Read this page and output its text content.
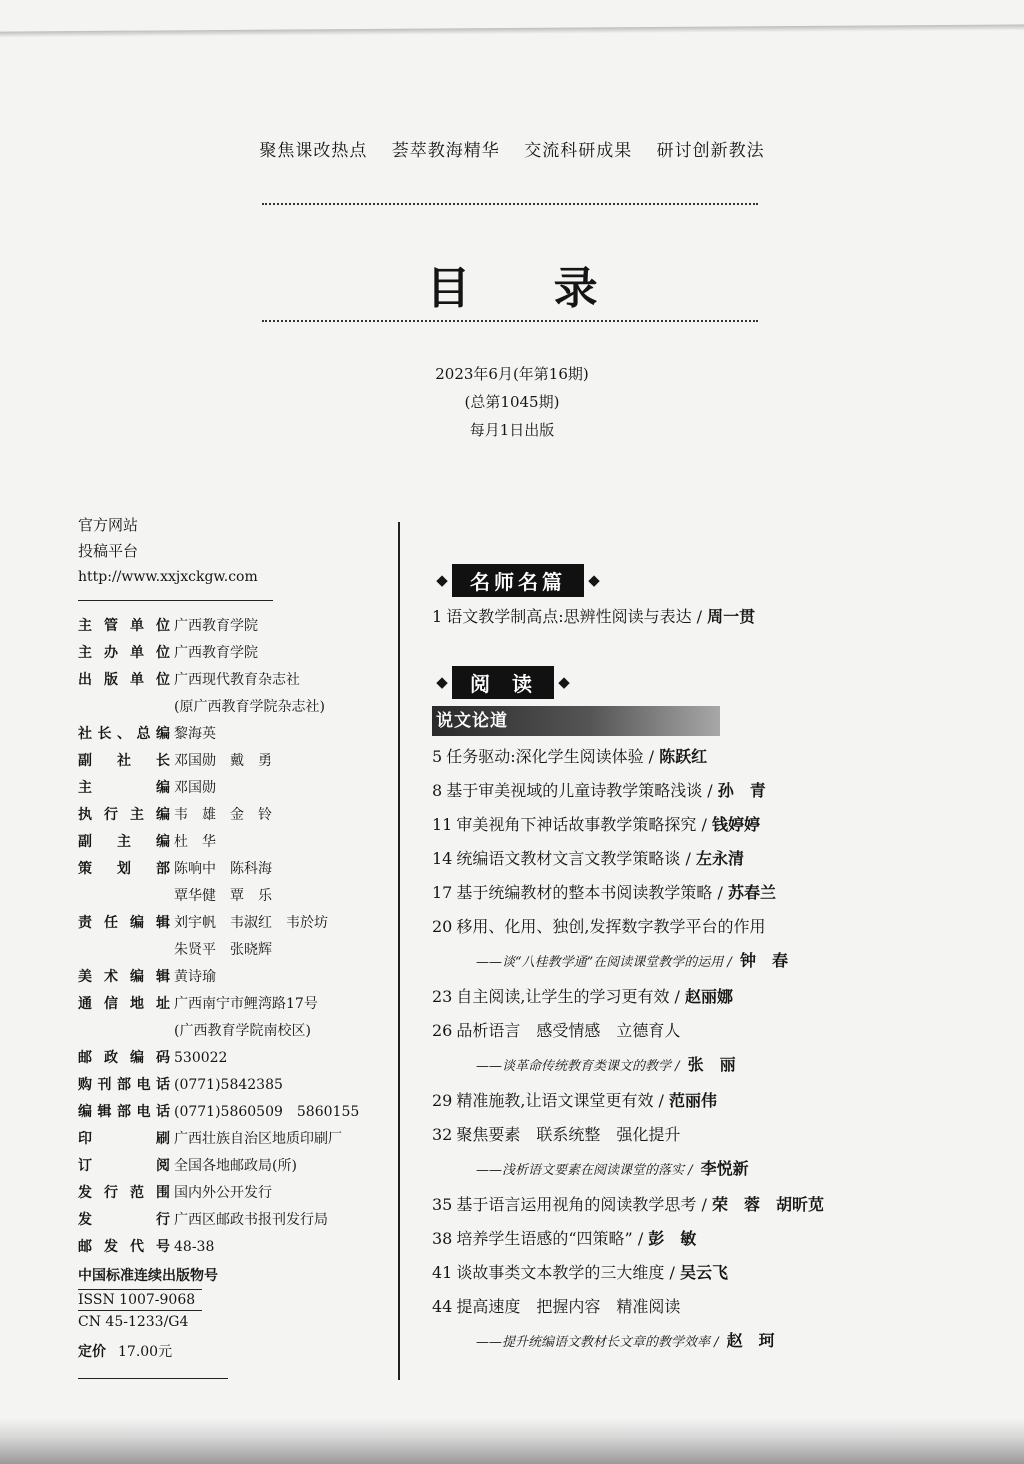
聚焦课改热点 荟萃教海精华 交流科研成果 研讨创新教法
目 录
2023年6月(年第16期)
(总第1045期)
每月1日出版
官方网站
投稿平台
http://www.xxjxckgw.com
主管单位 广西教育学院
主办单位 广西教育学院
出版单位 广西现代教育杂志社
(原广西教育学院杂志社)
社长、总编 黎海英
副社长 邓国勋　戴　勇
主　编 邓国勋
执行主编 韦　雄　金　铃
副主编 杜　华
策划部 陈响中　陈科海
覃华健　覃　乐
责任编辑 刘宇帆　韦淑红　韦於坊
朱贤平　张晓辉
美术编辑 黄诗瑜
通信地址 广西南宁市鲤湾路17号
(广西教育学院南校区)
邮政编码 530022
购刊部电话 (0771)5842385
编辑部电话 (0771)5860509　5860155
印　刷 广西壮族自治区地质印刷厂
订　阅 全国各地邮政局(所)
发行范围 国内外公开发行
发　行 广西区邮政书报刊发行局
邮发代号 48-38
中国标准连续出版物号
ISSN 1007-9068
CN 45-1233/G4
定价 17.00元
◆	名师名篇	◆
1 语文教学制高点:思辨性阅读与表达 / 周一贯
◆	阅读 ◆
说文论道
5 任务驱动:深化学生阅读体验 / 陈跃红
8 基于审美视域的儿童诗教学策略浅谈 / 孙　青
11 审美视角下神话故事教学策略探究 / 钱婷婷
14 统编语文教材文言文教学策略谈 / 左永清
17 基于统编教材的整本书阅读教学策略 / 苏春兰
20 移用、化用、独创,发挥数字教学平台的作用
——谈“八桂教学通”在阅读课堂教学的运用 / 钟　春
23 自主阅读,让学生的学习更有效 / 赵丽娜
26 品析语言　感受情感　立德育人
——谈革命传统教育类课文的教学 / 张　丽
29 精准施教,让语文课堂更有效 / 范丽伟
32 聚焦要素　联系统整　强化提升
——浅析语文要素在阅读课堂的落实 / 李悦新
35 基于语言运用视角的阅读教学思考 / 荣　蓉　胡昕苋
38 培养学生语感的“四策略” / 彭　敏
41 谈故事类文本教学的三大维度 / 吴云飞
44 提高速度　把握内容　精准阅读
——提升统编语文教材长文章的教学效率 / 赵　珂
